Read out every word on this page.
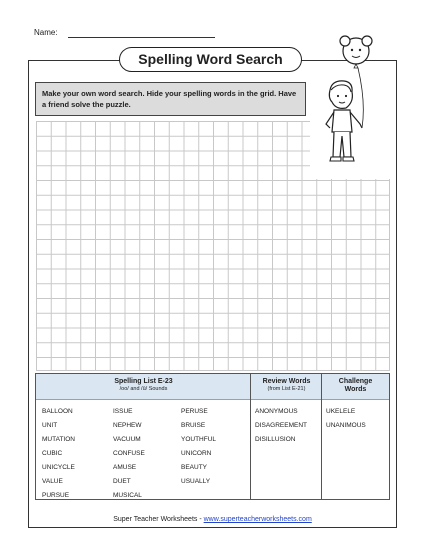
Name:
Spelling Word Search
Make your own word search. Hide your spelling words in the grid. Have a friend solve the puzzle.
Spelling List E-23
/oo/ and /ū/ Sounds
Review Words
(from List E-21)
Challenge
Words
BALLOON
UNIT
MUTATION
CUBIC
UNICYCLE
VALUE
PURSUE
ISSUE
NEPHEW
VACUUM
CONFUSE
AMUSE
DUET
MUSICAL
PERUSE
BRUISE
YOUTHFUL
UNICORN
BEAUTY
USUALLY
ANONYMOUS
DISAGREEMENT
DISILLUSION
UKELELE
UNANIMOUS
Super Teacher Worksheets - www.superteacherworksheets.com
